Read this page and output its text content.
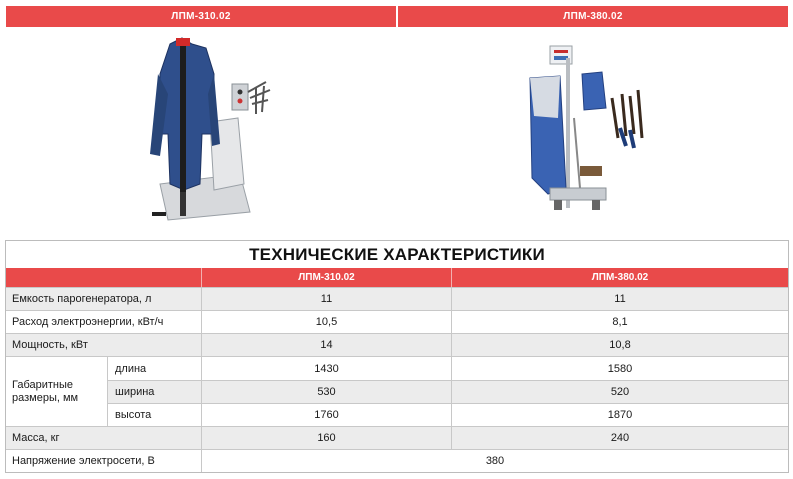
ЛПМ-310.02	ЛПМ-380.02
ТЕХНИЧЕСКИЕ ХАРАКТЕРИСТИКИ
ЛПМ-310.02	ЛПМ-380.02
Емкость парогенератора, л	11	11
Расход электроэнергии, кВт/ч	10,5	8,1
Мощность, кВт	14	10,8
Габаритные размеры, мм
длина	1430	1580
ширина	530	520
высота	1760	1870
Масса, кг	160	240
Напряжение электросети, В	380
